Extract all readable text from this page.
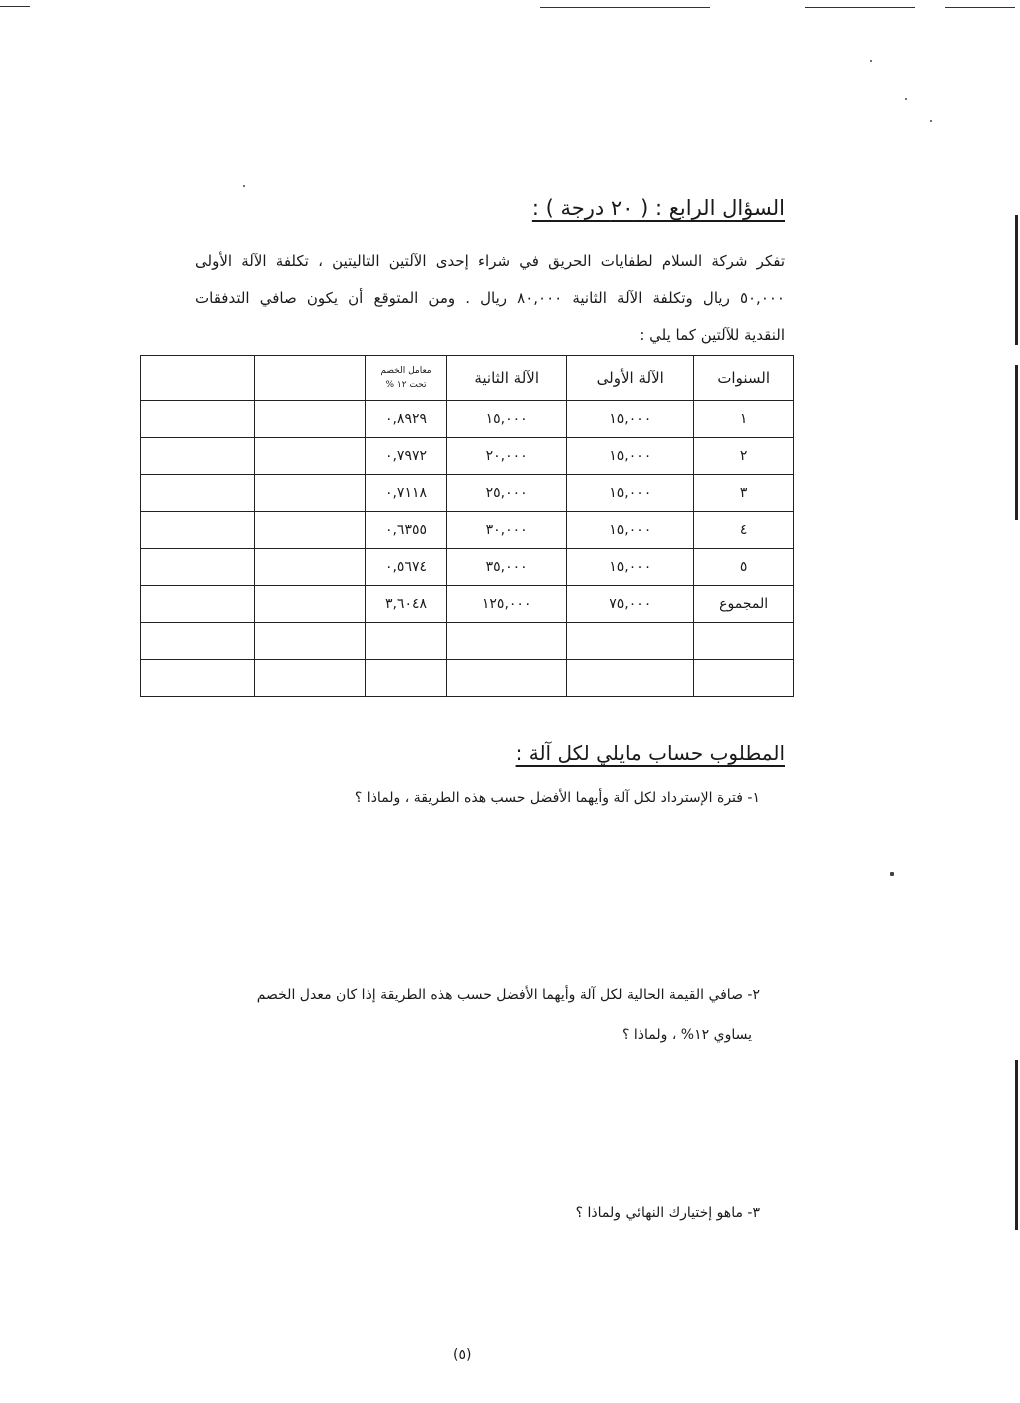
السؤال الرابع : ( ٢٠ درجة ) :
تفكر شركة السلام لطفايات الحريق في شراء إحدى الآلتين التاليتين ، تكلفة الآلة الأولى
٥٠,٠٠٠ ريال وتكلفة الآلة الثانية ٨٠,٠٠٠ ريال . ومن المتوقع أن يكون صافي التدفقات
النقدية للآلتين كما يلي :
السنوات	الآلة الأولى	الآلة الثانية	معامل الخصم
تحت ١٢ %		

١	١٥,٠٠٠	١٥,٠٠٠	٠,٨٩٢٩		
٢	١٥,٠٠٠	٢٠,٠٠٠	٠,٧٩٧٢		
٣	١٥,٠٠٠	٢٥,٠٠٠	٠,٧١١٨		
٤	١٥,٠٠٠	٣٠,٠٠٠	٠,٦٣٥٥		
٥	١٥,٠٠٠	٣٥,٠٠٠	٠,٥٦٧٤		
المجموع	٧٥,٠٠٠	١٢٥,٠٠٠	٣,٦٠٤٨		

المطلوب حساب مايلي لكل آلة :
١- فترة الإسترداد لكل آلة وأيهما الأفضل حسب هذه الطريقة ، ولماذا ؟
٢- صافي القيمة الحالية لكل آلة وأيهما الأفضل حسب هذه الطريقة إذا كان معدل الخصم
يساوي ١٢% ، ولماذا ؟
٣- ماهو إختيارك النهائي ولماذا ؟
(٥)
